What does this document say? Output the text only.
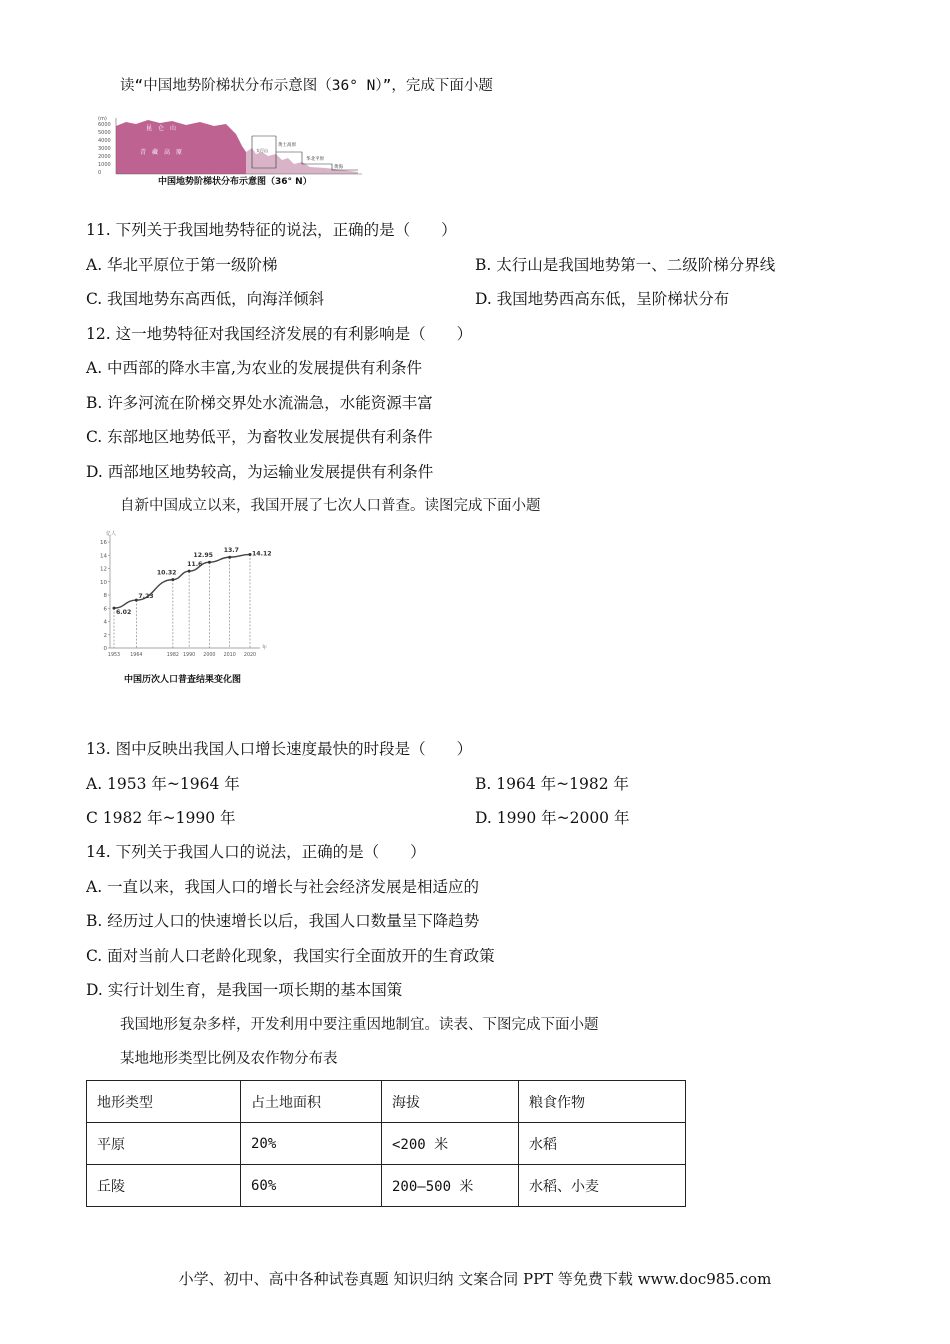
读“中国地势阶梯状分布示意图（36° N）”，完成下面小题
(m)
6000
5000
4000
3000
2000
1000
0
昆　仑　山
青　藏　高　原
黄土高原
太行山
华北平原
黄海
中国地势阶梯状分布示意图（36° N）
11. 下列关于我国地势特征的说法，正确的是（　　）
A. 华北平原位于第一级阶梯	B. 太行山是我国地势第一、二级阶梯分界线
C. 我国地势东高西低，向海洋倾斜	D. 我国地势西高东低，呈阶梯状分布
12. 这一地势特征对我国经济发展的有利影响是（　　）
A. 中西部的降水丰富,为农业的发展提供有利条件
B. 许多河流在阶梯交界处水流湍急，水能资源丰富
C. 东部地区地势低平，为畜牧业发展提供有利条件
D. 西部地区地势较高，为运输业发展提供有利条件
自新中国成立以来，我国开展了七次人口普查。读图完成下面小题
亿人
年
0
2
4
6
8
10
12
14
16
1953 1964	1982 1990 2000 2010 2020
6.02
7.23
10.32
11.6
12.95
13.7 14.12
中国历次人口普查结果变化图
13. 图中反映出我国人口增长速度最快的时段是（　　）
A. 1953 年~1964 年	B. 1964 年~1982 年
C 1982 年~1990 年	D. 1990 年~2000 年
14. 下列关于我国人口的说法，正确的是（　　）
A. 一直以来，我国人口的增长与社会经济发展是相适应的
B. 经历过人口的快速增长以后，我国人口数量呈下降趋势
C. 面对当前人口老龄化现象，我国实行全面放开的生育政策
D. 实行计划生育，是我国一项长期的基本国策
我国地形复杂多样，开发利用中要注重因地制宜。读表、下图完成下面小题
某地地形类型比例及农作物分布表
地形类型	占土地面积	海拔	粮食作物
平原	20%	<200 米	水稻
丘陵	60%	200—500 米	水稻、小麦
小学、初中、高中各种试卷真题 知识归纳 文案合同 PPT 等免费下载 www.doc985.com
